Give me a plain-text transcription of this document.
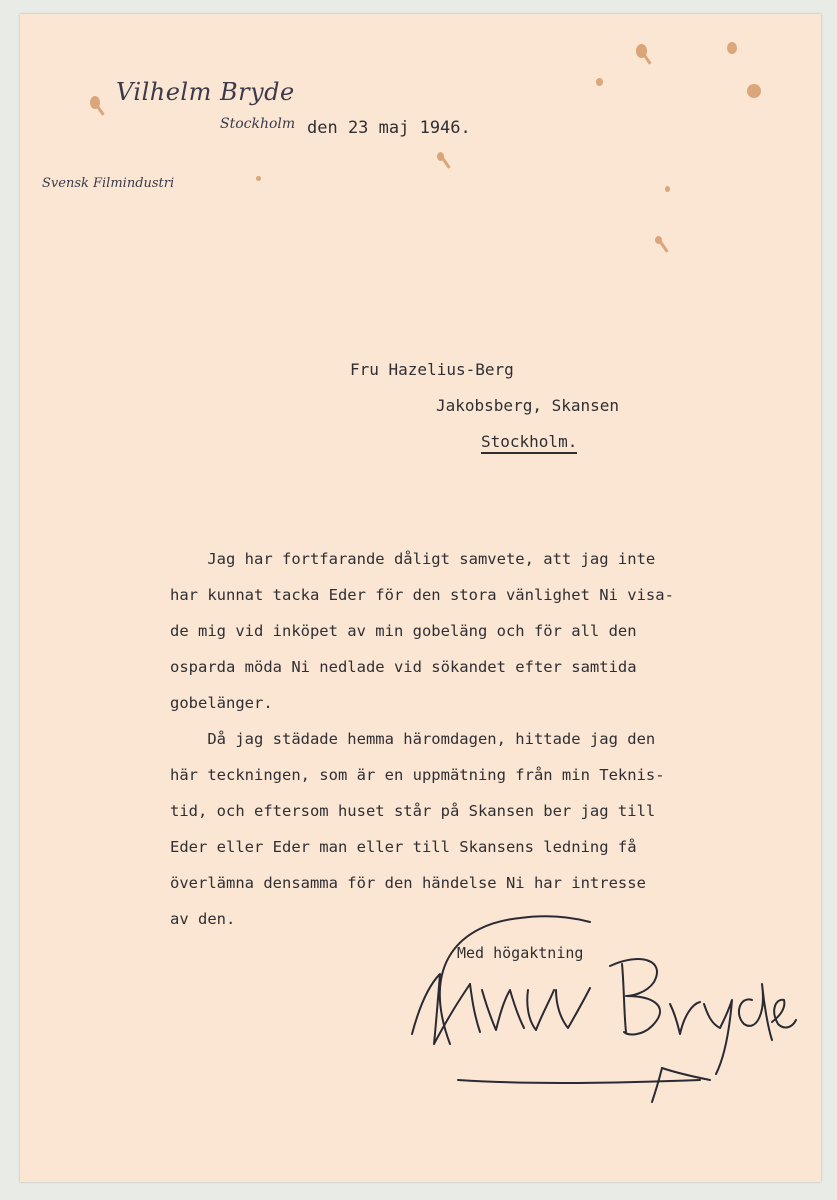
Vilhelm Bryde
Stockholm
Svensk Filmindustri
den 23 maj 1946.
Fru Hazelius-Berg
Jakobsberg, Skansen
Stockholm.
Jag har fortfarande dåligt samvete, att jag inte
har kunnat tacka Eder för den stora vänlighet Ni visa-
de mig vid inköpet av min gobeläng och för all den
osparda möda Ni nedlade vid sökandet efter samtida
gobelänger.
Då jag städade hemma häromdagen, hittade jag den
här teckningen, som är en uppmätning från min Teknis-
tid, och eftersom huset står på Skansen ber jag till
Eder eller Eder man eller till Skansens ledning få
överlämna densamma för den händelse Ni har intresse
av den.
Med högaktning
